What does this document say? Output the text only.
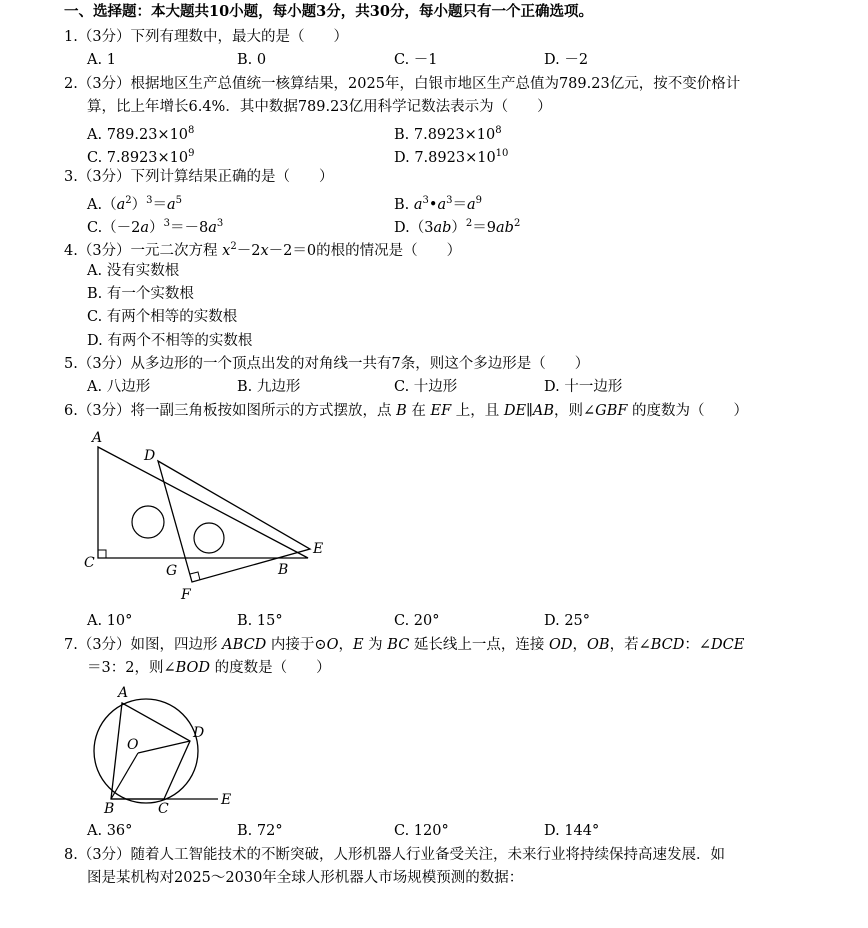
一、选择题：本大题共10小题，每小题3分，共30分，每小题只有一个正确选项。
1.（3分）下列有理数中，最大的是（　　）
A. 1	B. 0	C. －1	D. －2
2.（3分）根据地区生产总值统一核算结果，2025年，白银市地区生产总值为789.23亿元，按不变价格计
算，比上年增长6.4%．其中数据789.23亿用科学记数法表示为（　　）
A. $789.23\times 10^8$	B. $7.8923\times 10^8$
C. $7.8923\times 10^9$	D. $7.8923\times 10^{10}$
3.（3分）下列计算结果正确的是（　　）
$A.(a^2)^3=a^5$	B. $a^3•a^3=a^9$
$C.(-2a)^3=-8a^3$	$D.(3ab)^2=9ab^2$
4.（3分）一元二次方程 $x^2-2x-2=0$的根的情况是（　　）
A. 没有实数根
B. 有一个实数根
C. 有两个相等的实数根
D. 有两个不相等的实数根
5.（3分）从多边形的一个顶点出发的对角线一共有7条，则这个多边形是（　　）
A. 八边形	B. 九边形	C. 十边形	D. 十一边形
6.（3分）将一副三角板按如图所示的方式摆放，点 B 在 EF 上，且 DE∥AB，则∠GBF 的度数为（　　）
A
D
C	G	B
E
F
A. 10°	B. 15°	C. 20°	D. 25°
7.（3分）如图，四边形 ABCD 内接于⊙O，E 为 BC 延长线上一点，连接 OD，OB，若∠BCD：∠DCE
＝3：2，则∠BOD 的度数是（　　）
A
D
O
B	C
E
A. 36°	B. 72°	C. 120°	D. 144°
8.（3分）随着人工智能技术的不断突破，人形机器人行业备受关注，未来行业将持续保持高速发展．如
图是某机构对2025～2030年全球人形机器人市场规模预测的数据：
